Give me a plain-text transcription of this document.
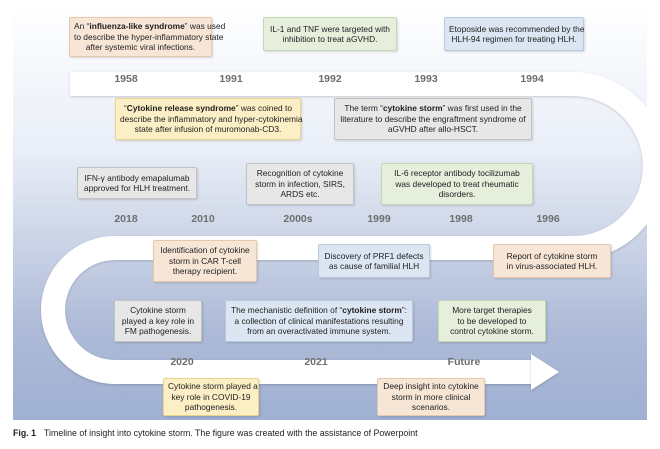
An “influenza-like syndrome” was used
to describe the hyper-inflammatory state
after systemic viral infections.
IL-1 and TNF were targeted with
inhibition to treat aGVHD.
Etoposide was recommended by the
HLH-94 regimen for treating HLH.
1958	1991	1992	1993	1994
“Cytokine release syndrome” was coined to
describe the inflammatory and hyper-cytokinemia
state after infusion of muromonab-CD3.
The term “cytokine storm” was first used in the
literature to describe the engraftment syndrome of
aGVHD after allo-HSCT.
IFN-γ antibody emapalumab
approved for HLH treatment.
Recognition of cytokine
storm in infection, SIRS,
ARDS etc.
IL-6 receptor antibody tocilizumab
was developed to treat rheumatic
disorders.
2018	2010	2000s	1999	1998	1996
Identification of cytokine
storm in CAR T-cell
therapy recipient.
Discovery of PRF1 defects
as cause of familial HLH
Report of cytokine storm
in virus-associated HLH.
Cytokine storm
played a key role in
FM pathogenesis.
The mechanistic definition of “cytokine storm”:
a collection of clinical manifestations resulting
from an overactivated immune system.
More target therapies
to be developed to
control cytokine storm.
2020	2021	Future
Cytokine storm played a
key role in COVID-19
pathogenesis.
Deep insight into cytokine
storm in more clinical
scenarios.
Fig. 1 Timeline of insight into cytokine storm. The figure was created with the assistance of Powerpoint
